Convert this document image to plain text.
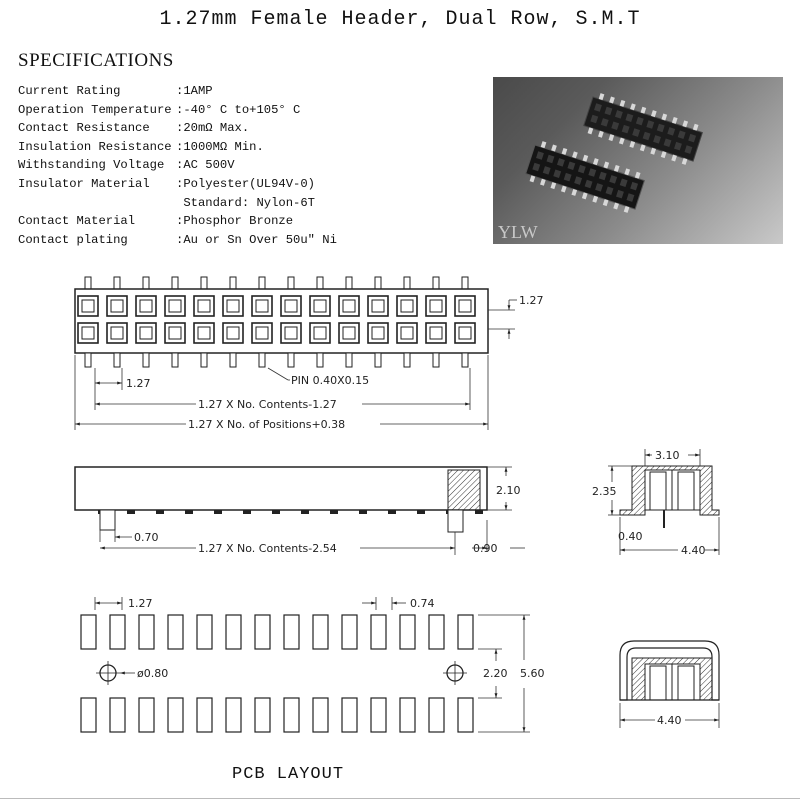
1.27mm Female Header, Dual Row, S.M.T
SPECIFICATIONS
Current Rating	:1AMP
Operation Temperature :-40° C to+105° C
Contact Resistance	:20mΩ Max.
Insulation Resistance :1000MΩ Min.
Withstanding Voltage :AC 500V
Insulator Material	:Polyester(UL94V-0)
Standard: Nylon-6T
Contact Material	:Phosphor Bronze
Contact plating	:Au or Sn Over 50u" Ni	YLW
1.27
1.27	PIN 0.40X0.15
1.27 X No. Contents-1.27
1.27 X No. of Positions+0.38
2.10
0.70
1.27 X No. Contents-2.54	0.90
3.10
2.35
0.40
4.40
ø0.80
1.27	0.74
2.20 5.60
4.40
PCB LAYOUT
